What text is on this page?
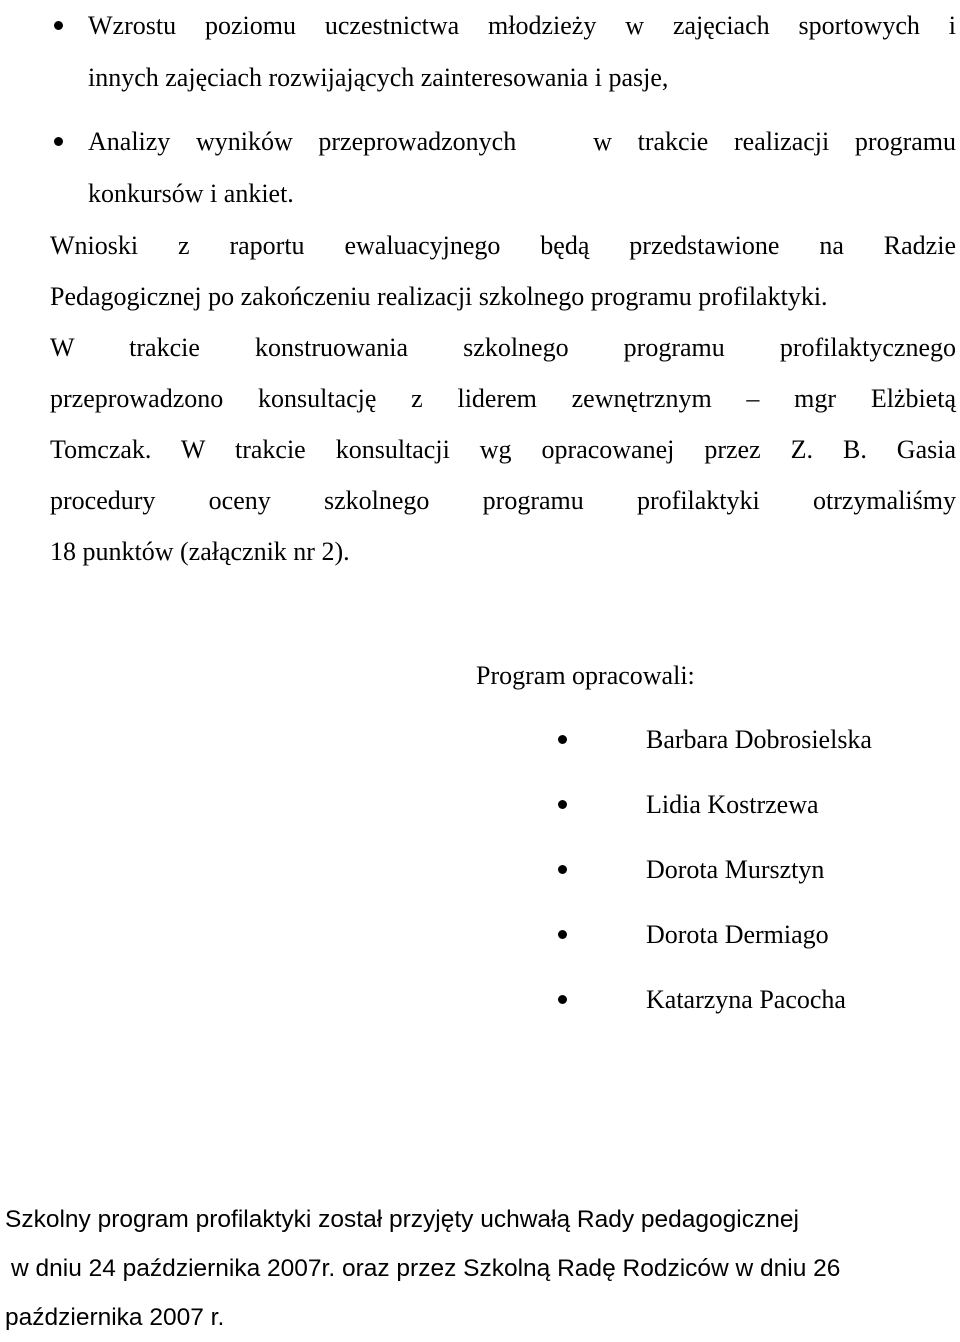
Wzrostu poziomu uczestnictwa młodzieży w zajęciach sportowych i
innych zajęciach rozwijających zainteresowania i pasje,
Analizy wyników przeprowadzonych   w trakcie realizacji programu
konkursów i ankiet.
Wnioski z raportu ewaluacyjnego będą przedstawione na Radzie
Pedagogicznej po zakończeniu realizacji szkolnego programu profilaktyki.
W trakcie konstruowania szkolnego programu profilaktycznego
przeprowadzono konsultację z liderem zewnętrznym – mgr Elżbietą
Tomczak. W trakcie konsultacji wg opracowanej przez Z. B. Gasia
procedury oceny szkolnego programu profilaktyki otrzymaliśmy
18 punktów (załącznik nr 2).
Program opracowali:
Barbara Dobrosielska
Lidia Kostrzewa
Dorota Mursztyn
Dorota Dermiago
Katarzyna Pacocha
Szkolny program profilaktyki został przyjęty uchwałą Rady pedagogicznej
w dniu 24 października 2007r. oraz przez Szkolną Radę Rodziców w dniu 26
października 2007 r.
